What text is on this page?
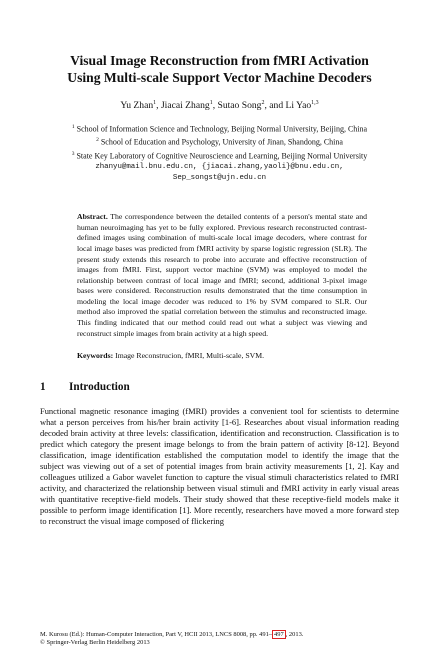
Visual Image Reconstruction from fMRI Activation Using Multi-scale Support Vector Machine Decoders
Yu Zhan$^1$, Jiacai Zhang$^1$, Sutao Song$^2$, and Li Yao$^{1,3}$
$^1$ School of Information Science and Technology, Beijing Normal University, Beijing, China
$^2$ School of Education and Psychology, University of Jinan, Shandong, China
$^3$ State Key Laboratory of Cognitive Neuroscience and Learning, Beijing Normal University
zhanyu@mail.bnu.edu.cn, {jiacai.zhang,yaoli}@bnu.edu.cn,
Sep_songst@ujn.edu.cn
Abstract. The correspondence between the detailed contents of a person's mental state and human neuroimaging has yet to be fully explored. Previous research reconstructed contrast-defined images using combination of multi-scale local image decoders, where contrast for local image bases was predicted from fMRI activity by sparse logistic regression (SLR). The present study extends this research to probe into accurate and effective reconstruction of images from fMRI. First, support vector machine (SVM) was employed to model the relationship between contrast of local image and fMRI; second, additional 3-pixel image bases were considered. Reconstruction results demonstrated that the time consumption in modeling the local image decoder was reduced to 1% by SVM compared to SLR. Our method also improved the spatial correlation between the stimulus and reconstructed image. This finding indicated that our method could read out what a subject was viewing and reconstruct simple images from brain activity at a high speed.
Keywords: Image Reconstrucion, fMRI, Multi-scale, SVM.
1	Introduction
Functional magnetic resonance imaging (fMRI) provides a convenient tool for scientists to determine what a person perceives from his/her brain activity [1-6]. Researches about visual information reading decoded brain activity at three levels: classification, identification and reconstruction. Classification is to predict which category the present image belongs to from the brain pattern of activity [8-12]. Beyond classification, image identification established the computation model to identify the image that the subject was viewing out of a set of potential images from brain activity measurements [1, 2]. Kay and colleagues utilized a Gabor wavelet function to capture the visual stimuli characteristics related to fMRI activity, and characterized the relationship between visual stimuli and fMRI activity in early visual areas with quantitative receptive-field models. Their study showed that these receptive-field models make it possible to perform image identification [1]. More recently, researchers have moved a more forward step to reconstruct the visual image composed of flickering
M. Kurosu (Ed.): Human-Computer Interaction, Part V, HCII 2013, LNCS 8008, pp. 491– 497 , 2013.
© Springer-Verlag Berlin Heidelberg 2013
